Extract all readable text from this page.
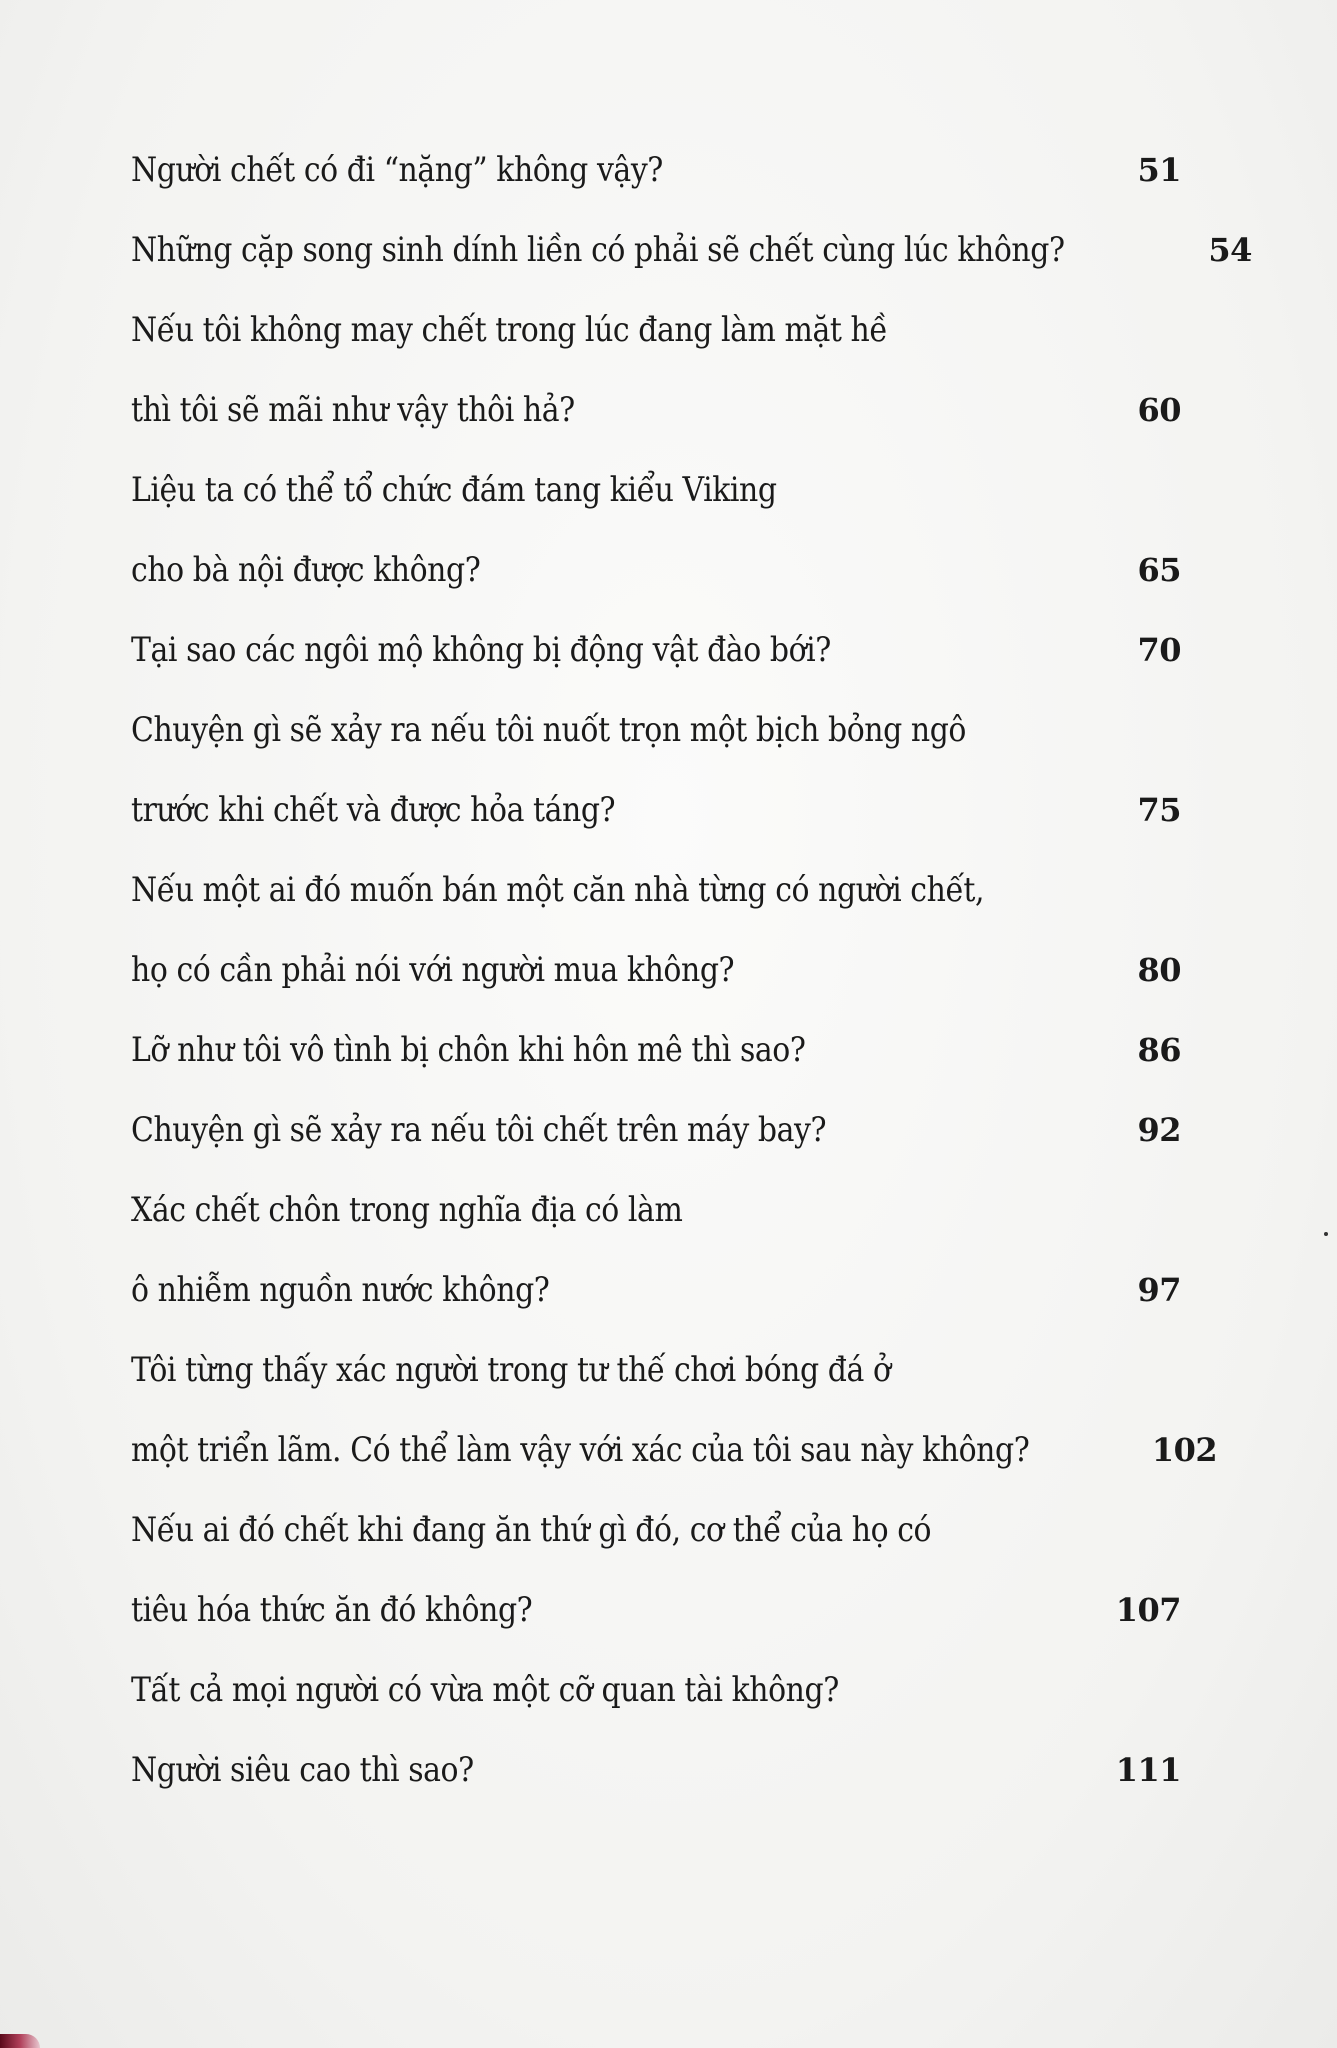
Người chết có đi “nặng” không vậy?	51
Những cặp song sinh dính liền có phải sẽ chết cùng lúc không?	54
Nếu tôi không may chết trong lúc đang làm mặt hề
thì tôi sẽ mãi như vậy thôi hả?	60
Liệu ta có thể tổ chức đám tang kiểu Viking
cho bà nội được không?	65
Tại sao các ngôi mộ không bị động vật đào bới?	70
Chuyện gì sẽ xảy ra nếu tôi nuốt trọn một bịch bỏng ngô
trước khi chết và được hỏa táng?	75
Nếu một ai đó muốn bán một căn nhà từng có người chết,
họ có cần phải nói với người mua không?	80
Lỡ như tôi vô tình bị chôn khi hôn mê thì sao?	86
Chuyện gì sẽ xảy ra nếu tôi chết trên máy bay?	92
Xác chết chôn trong nghĩa địa có làm
ô nhiễm nguồn nước không?	97
Tôi từng thấy xác người trong tư thế chơi bóng đá ở
một triển lãm. Có thể làm vậy với xác của tôi sau này không?	102
Nếu ai đó chết khi đang ăn thứ gì đó, cơ thể của họ có
tiêu hóa thức ăn đó không?	107
Tất cả mọi người có vừa một cỡ quan tài không?
Người siêu cao thì sao?	111
